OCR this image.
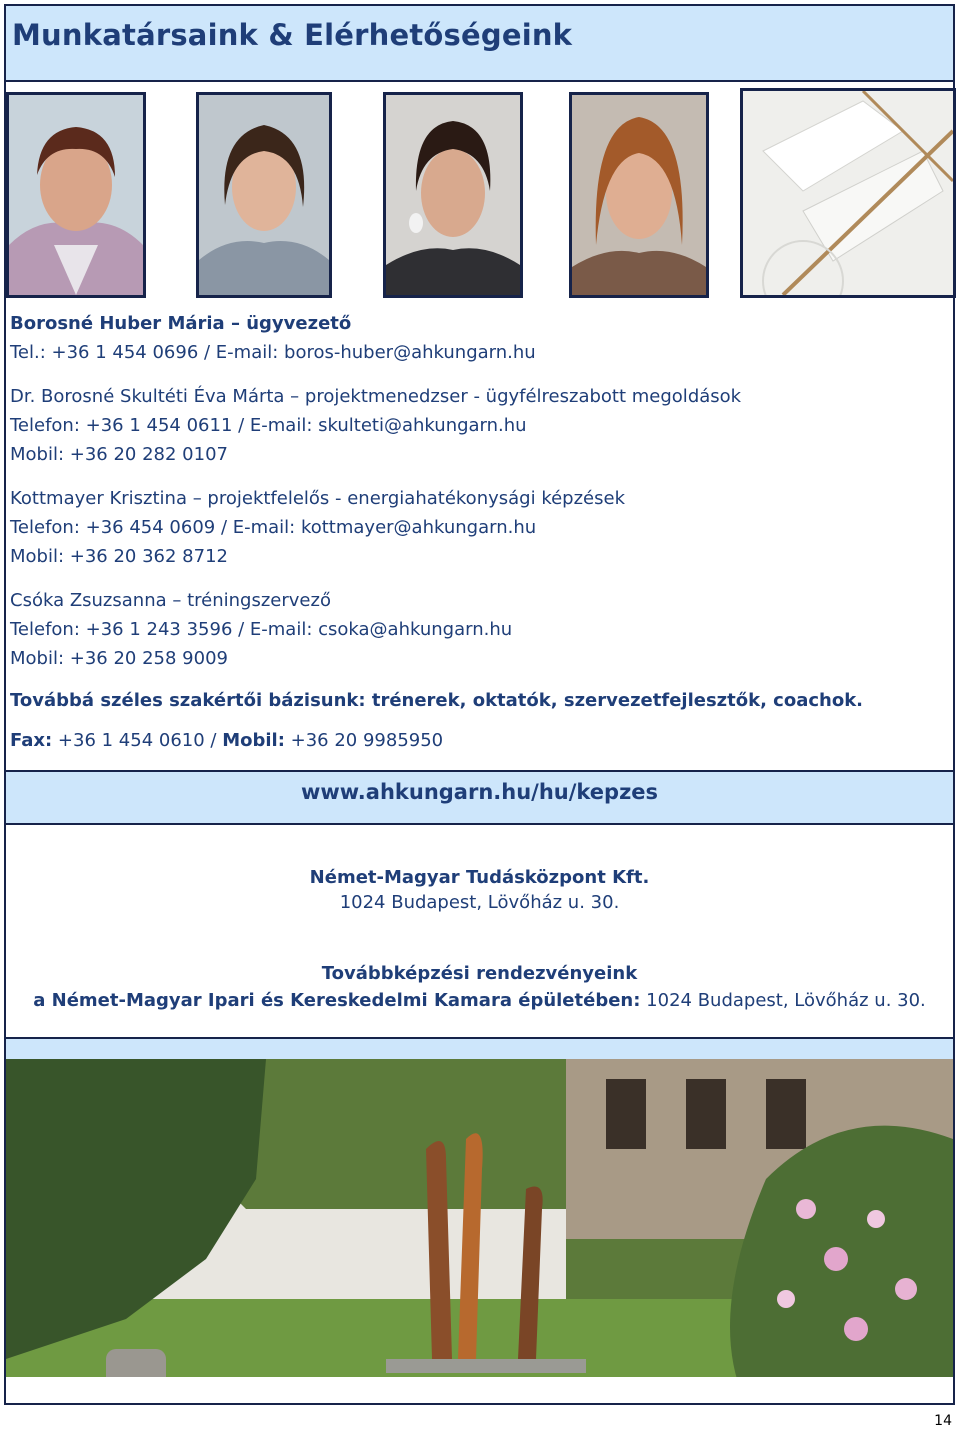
Munkatársaink & Elérhetőségeink
Borosné Huber Mária – ügyvezető
Tel.: +36 1 454 0696 / E-mail: boros-huber@ahkungarn.hu
Dr. Borosné Skultéti Éva Márta – projektmenedzser - ügyfélreszabott megoldások
Telefon: +36 1 454 0611 / E-mail: skulteti@ahkungarn.hu
Mobil: +36 20 282 0107
Kottmayer Krisztina – projektfelelős - energiahatékonysági képzések
Telefon: +36 454 0609 / E-mail: kottmayer@ahkungarn.hu
Mobil: +36 20 362 8712
Csóka Zsuzsanna – tréningszervező
Telefon: +36 1 243 3596 / E-mail: csoka@ahkungarn.hu
Mobil: +36 20 258 9009
Továbbá széles szakértői bázisunk: trénerek, oktatók, szervezetfejlesztők, coachok.
Fax: +36 1 454 0610 / Mobil: +36 20 9985950
www.ahkungarn.hu/hu/kepzes
Német-Magyar Tudásközpont Kft.
1024 Budapest, Lövőház u. 30.
Továbbképzési rendezvényeink
a Német-Magyar Ipari és Kereskedelmi Kamara épületében: 1024 Budapest, Lövőház u. 30.
14
